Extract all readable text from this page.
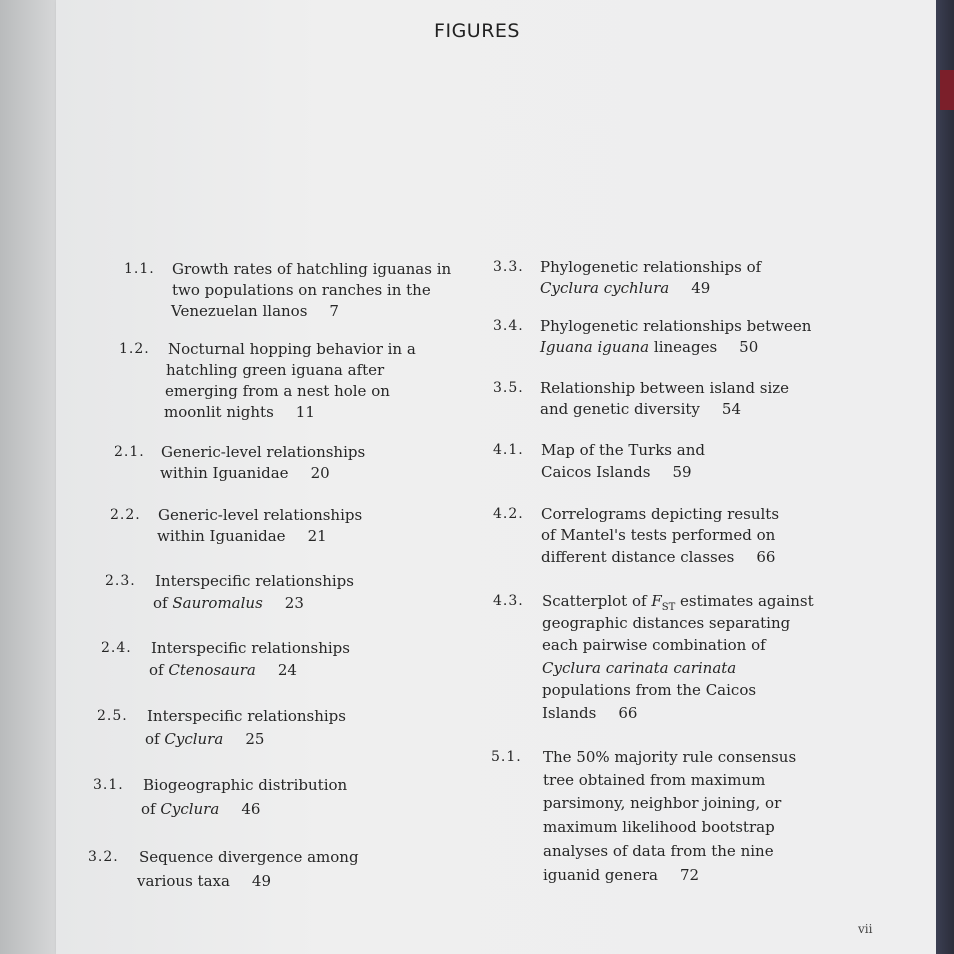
FIGURES
1.1. Growth rates of hatchling iguanas in
two populations on ranches in the
Venezuelan llanos 7
1.2. Nocturnal hopping behavior in a
hatchling green iguana after
emerging from a nest hole on
moonlit nights 11
2.1. Generic-level relationships
within Iguanidae 20
2.2. Generic-level relationships
within Iguanidae 21
2.3. Interspecific relationships
of Sauromalus 23
2.4. Interspecific relationships
of Ctenosaura 24
2.5. Interspecific relationships
of Cyclura 25
3.1. Biogeographic distribution
of Cyclura 46
3.2. Sequence divergence among
various taxa 49
3.3. Phylogenetic relationships of
Cyclura cychlura 49
3.4. Phylogenetic relationships between
Iguana iguana lineages 50
3.5. Relationship between island size
and genetic diversity 54
4.1. Map of the Turks and
Caicos Islands 59
4.2. Correlograms depicting results
of Mantel's tests performed on
different distance classes 66
4.3. Scatterplot of $F_{ST}$ estimates against
geographic distances separating
each pairwise combination of
Cyclura carinata carinata
populations from the Caicos
Islands 66
5.1. The 50% majority rule consensus
tree obtained from maximum
parsimony, neighbor joining, or
maximum likelihood bootstrap
analyses of data from the nine
iguanid genera 72
vii
